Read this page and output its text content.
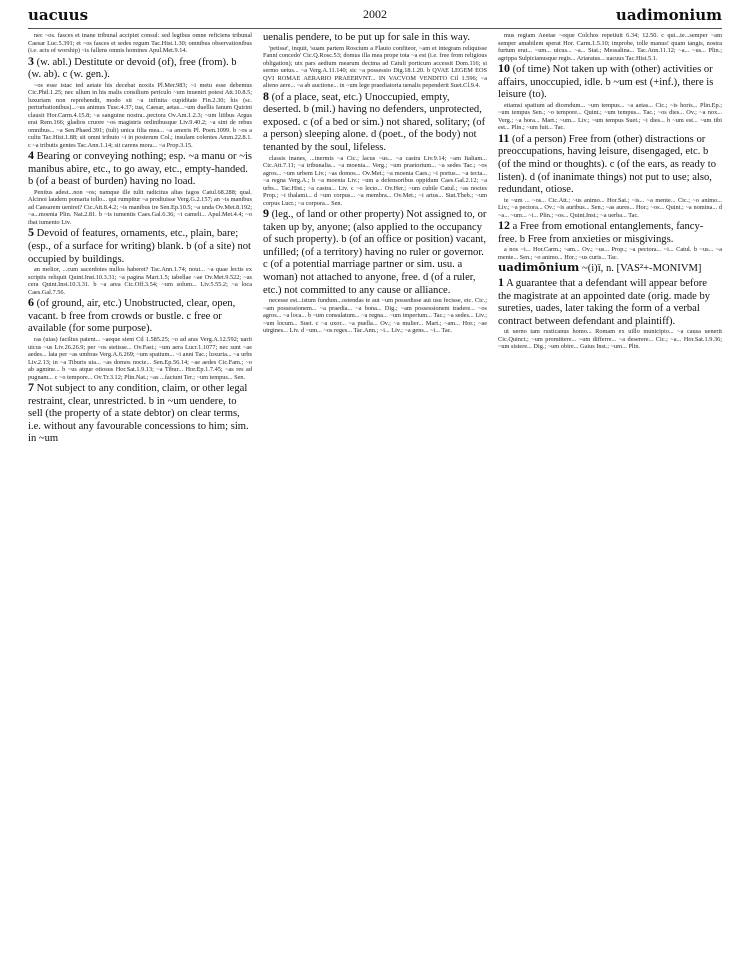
uacuus	2002	uadimonium

nec ~os. fasces et inane tribunal accipiet consul: sed legibus omne reficiens tribunal Caesar Luc.5.391; et ~os fasces et sedes regum Tac.Hist.1.30; omnibus observationibus (i.e. acts of worship) ~is fallens omnis homines Apul.Met.9.14.

3 (w. abl.) Destitute or devoid (of), free (from). b (w. ab). c (w. gen.).

~os esse istac ted aetate his decebat noxiis Pl.Mer.983; ~i metu esse debemus Cic.Phil.1.25; nec ullum in his malis consilium periculo ~um inueniri potest Att.10.8.5; luxuriam non reprehendit, modo sit ~a infinita cupiditate Fin.2.30; his (sc. perturbationibus)...~us animus Tusc.4.37; tua, Caesar, aetas...~um duellis Ianum Quirini clausit Hor.Carm.4.15.8; ~a sanguine nostra...pectora Ov.Am.1.2.3; ~um litibus Argus erat Rem.166; gladios cruore ~os magistris ordinibusque Liv.9.40.2; ~a sint de rebus omnibus... ~a Sen.Phaed.391; (tuli) unica filia mea... ~a amoris Pl. Poen.1099. b ~os a cultu Tac.Hist.1.88; sit omni tributo ~i in posterum Col.; insulam colentes Amm.22.8.1. c ~a tributis gentes Tac.Ann.1.14; sit carens mora... ~a Prop.3.15.

4 Bearing or conveying nothing; esp. ~a manu or ~is manibus abire, etc., to go away, etc., empty-handed. b (of a beast of burden) having no load.

Penitus adest...non ~os; namque ille tulit radicitus altas fagos Catul.68.288; qual. Alcinoi laudem pomaria tollo... qui rumpitur ~a prodiuisse Verg.G.2.157; an ~is manibus ad Caesarem ueniret? Cic.Att.8.4.2; ~is manibus ire Sen.Ep.10.5; ~a unda Ov.Met.8.192; ~a...moenia Plin. Nat.2.81. b ~is iumentis Caes.Gal.6.36; ~i cameli... Apul.Met.4.4; ~o ibat iumento Liv.

5 Devoid of features, ornaments, etc., plain, bare; (esp., of a surface for writing) blank. b (of a site) not occupied by buildings.

an melior, ...cum sacerdotes nullos haberet? Tac.Ann.1.74; noui... ~a quae lectis ex scriptis reliquit Quint.Inst.10.3.31; ~a pagina Mart.1.5; tabellae ~ae Ov.Met.9.522; ~as cera Quint.Inst.10.3.31. b ~a area Cic.Off.3.54; ~um solum... Liv.5.55.2; ~a loca Caes.Gal.7.56.

6 (of ground, air, etc.) Unobstructed, clear, open, vacant. b free from crowds or bustle. c free or available (for some purpose).

ras (uias) facilius patent... ~aeque sient Cil 1.585.25; ~o ad aras Verg.A.12.592; uarii uicus ~us Liv.26.26.9; per ~os stetisse... Ov.Fast.; ~um aera Lucr.1.1077; nec sunt ~ae aedes... lata per ~as umbras Verg.A.6.269; ~um spatium... ~i anni Tac.; luxuria... ~a urbs Liv.2.13; in ~a Tiburis uia... ~as domos nocte... Sen.Ep.56.14; ~ae aedes Cic.Fam.; ~o ab agmine... b ~us atque otiosus Hor.Sat.1.9.13; ~a Tibur... Hor.Ep.1.7.45; ~as res ad pugnam... c ~o tempore... Ov.Tr.3.12; Plin.Nat.; ~as ...faciunt Ter.; ~um tempus... Sen.

7 Not subject to any condition, claim, or other legal restraint, clear, unrestricted. b in ~um uendere, to sell (the property of a state debtor) on clear terms, i.e. without any favourable concessions to him; sim. in ~um

uenalis pendere, to be put up for sale in this way.

'petisse', inquit, 'suam partem Roscium a Flauio confiteor, ~am et integram reliquisse Fanni concedo' Cic.Q.Rosc.53; domus illa mea prope tota ~a est (i.e. free from religious obligation); uix pars aedium mearum decima ad Catuli porticum accessit Dom.116; si sermo uetus... ~a Verg.A.11.140; sic ~a possessio Dig.18.1.20. b QVAE LEGEM EOS QVI ROMAE AERARIO PRAEERVNT... IN VACVOM VENDITO Cil 1.596; ~a alieno aere... ~a ab auctione... in ~um lege praediatoria uenalis pependerit Suet.Cl.9.4.

8 (of a place, seat, etc.) Unoccupied, empty, deserted. b (mil.) having no defenders, unprotected, exposed. c (of a bed or sim.) not shared, solitary; (of a person) sleeping alone. d (poet., of the body) not tenanted by the soul, lifeless.

classis inanes, ...inermis ~a Cic.; lacus ~us... ~a castra Liv.9.14; ~am Italiam... Cic.Att.7.11; ~a tribunalia... ~a moenia... Verg.; ~um praetorium... ~a sedes Tac.; ~os agros... ~um urbem Liv.; ~as domos... Ov.Met.; ~a moenia Caes.; ~i portus... ~a tecta... ~a regna Verg.A.; b ~a moenia Liv.; ~um a defensoribus oppidum Caes.Gal.2.12; ~a urbs... Tac.Hist.; ~a castra... Liv. c ~o lecto... Ov.Her.; ~um cubile Catul.; ~as noctes Prop.; ~i thalami... d ~um corpus... ~a membra... Ov.Met.; ~i artus... Stat.Theb.; ~um corpus Lucr.; ~a corpora... Sen.

9 (leg., of land or other property) Not assigned to, or taken up by, anyone; (also applied to the occupancy of such property). b (of an office or position) vacant, unfilled; (of a territory) having no ruler or governor. c (of a potential marriage partner or sim. usu. a woman) not attached to anyone, free. d (of a ruler, etc.) not committed to any cause or alliance.

necesse est...istum fundum...ostendas te aut ~um possedisse aut usu fecisse, etc. Cic.; ~am possessionem... ~a praedia... ~a bona... Dig.; ~am possessionem tradere... ~os agros... ~a loca... b ~um consulatum... ~a regna... ~um imperium... Tac.; ~a sedes... Liv.; ~um locum... Suet. c ~a uxor... ~a puella... Ov.; ~a mulier... Mart.; ~am... Hor.; ~ae uirgines... Liv. d ~um... ~os reges... Tac.Ann.; ~i... Liv.; ~a gens... ~i... Tac.

mus regiam Aeetae ~oque Colchos repetiuit 6.34; 12.50. c qui...te...semper ~am semper amabilem sperat Hor. Carm.1.5.10; improbe, tolle manus! quam tangis, nostra furtum erat... ~um... uicus... ~a... Stat.; Messalina... Tac.Ann.11.12; ~a... ~us... Plin.; agrippa Sulpicianusque regis... Ariaratus... uacuus Tac.Hist.5.1.

10 (of time) Not taken up with (other) activities or affairs, unoccupied, idle. b ~um est (+inf.), there is leisure (to).

etiamsi spatium ad dicendum... ~um tempus... ~a aetas... Cic.; ~is horis... Plin.Ep.; ~um tempus Sen.; ~o tempore... Quint.; ~um tempus... Tac.; ~os dies... Ov.; ~a nox... Verg.; ~a hora... Mart.; ~um... Liv.; ~um tempus Suet.; ~i dies... b ~um est... ~um tibi est... Plin.; ~um fuit... Tac.

11 (of a person) Free from (other) distractions or preoccupations, having leisure, disengaged, etc. b (of the mind or thoughts). c (of the ears, as ready to listen). d (of inanimate things) not put to use; also, redundant, otiose.

te ~um ... ~os... Cic.Att.; ~us animo... Hor.Sat.; ~is... ~a mente... Cic.; ~o animo... Liv.; ~a pectora... Ov.; ~is auribus... Sen.; ~as aures... Hor.; ~os... Quint.; ~a nomina... d ~a... ~um... ~i... Plin.; ~os... Quint.Inst.; ~a uerba... Tac.

12 a Free from emotional entanglements, fancy-free. b Free from anxieties or misgivings.

a nos ~i... Hor.Carm.; ~am... Ov.; ~us... Prop.; ~a pectora... ~i... Catul. b ~us... ~a mente... Sen.; ~o animo... Hor.; ~us curis... Tac.

uadimōnium ~(i)ī, n. [VAS²+-MONIVM]

1 A guarantee that a defendant will appear before the magistrate at an appointed date (orig. made by sureties, uades, later taking the form of a verbal contract between defendant and plaintiff).

ut uerno tam rusticanus homo... Romam ex uillo municipio... ~a causa uenerit Cic.Quinct.; ~um promittere... ~um differre... ~a deserere... Cic.; ~a... Hor.Sat.1.9.36; ~um sistere... Dig.; ~um obire... Gaius Inst.; ~um... Plin.
